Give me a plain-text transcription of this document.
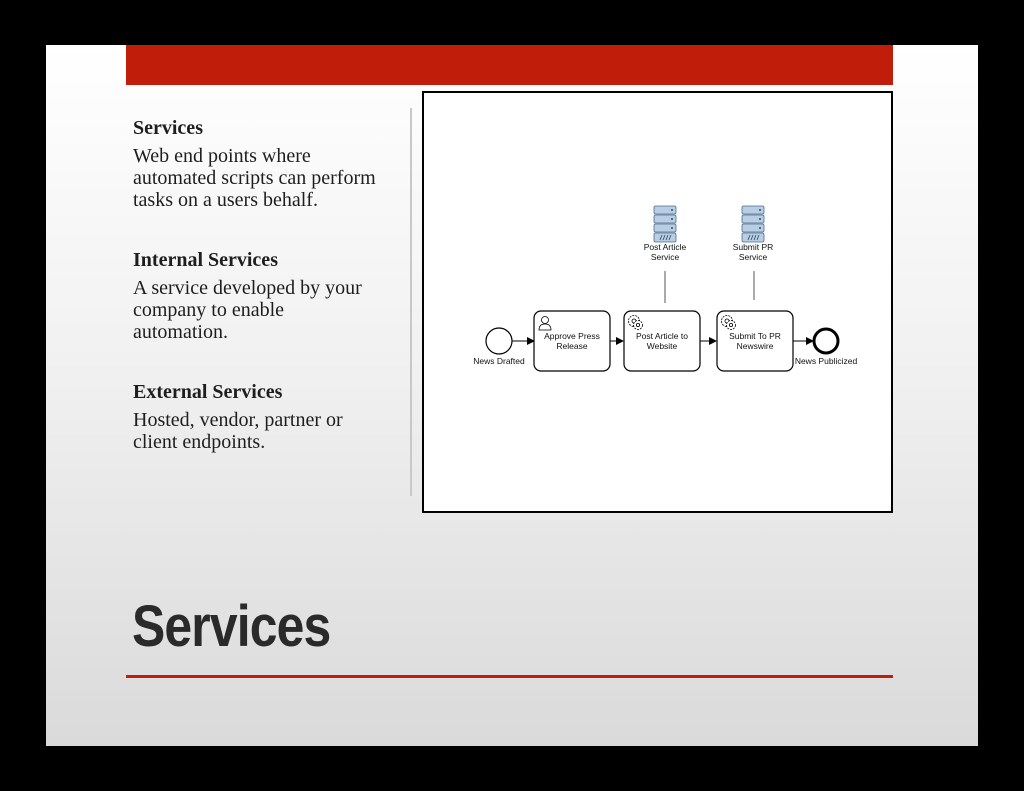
Services
Web end points where automated scripts can perform tasks on a users behalf.
Internal Services
A service developed by your company to enable automation.
External Services
Hosted, vendor, partner or client endpoints.
Post Article
Service
Submit PR
Service
News Drafted
Approve Press
Release
Post Article to
Website
Submit To PR
Newswire
News Publicized
Services
